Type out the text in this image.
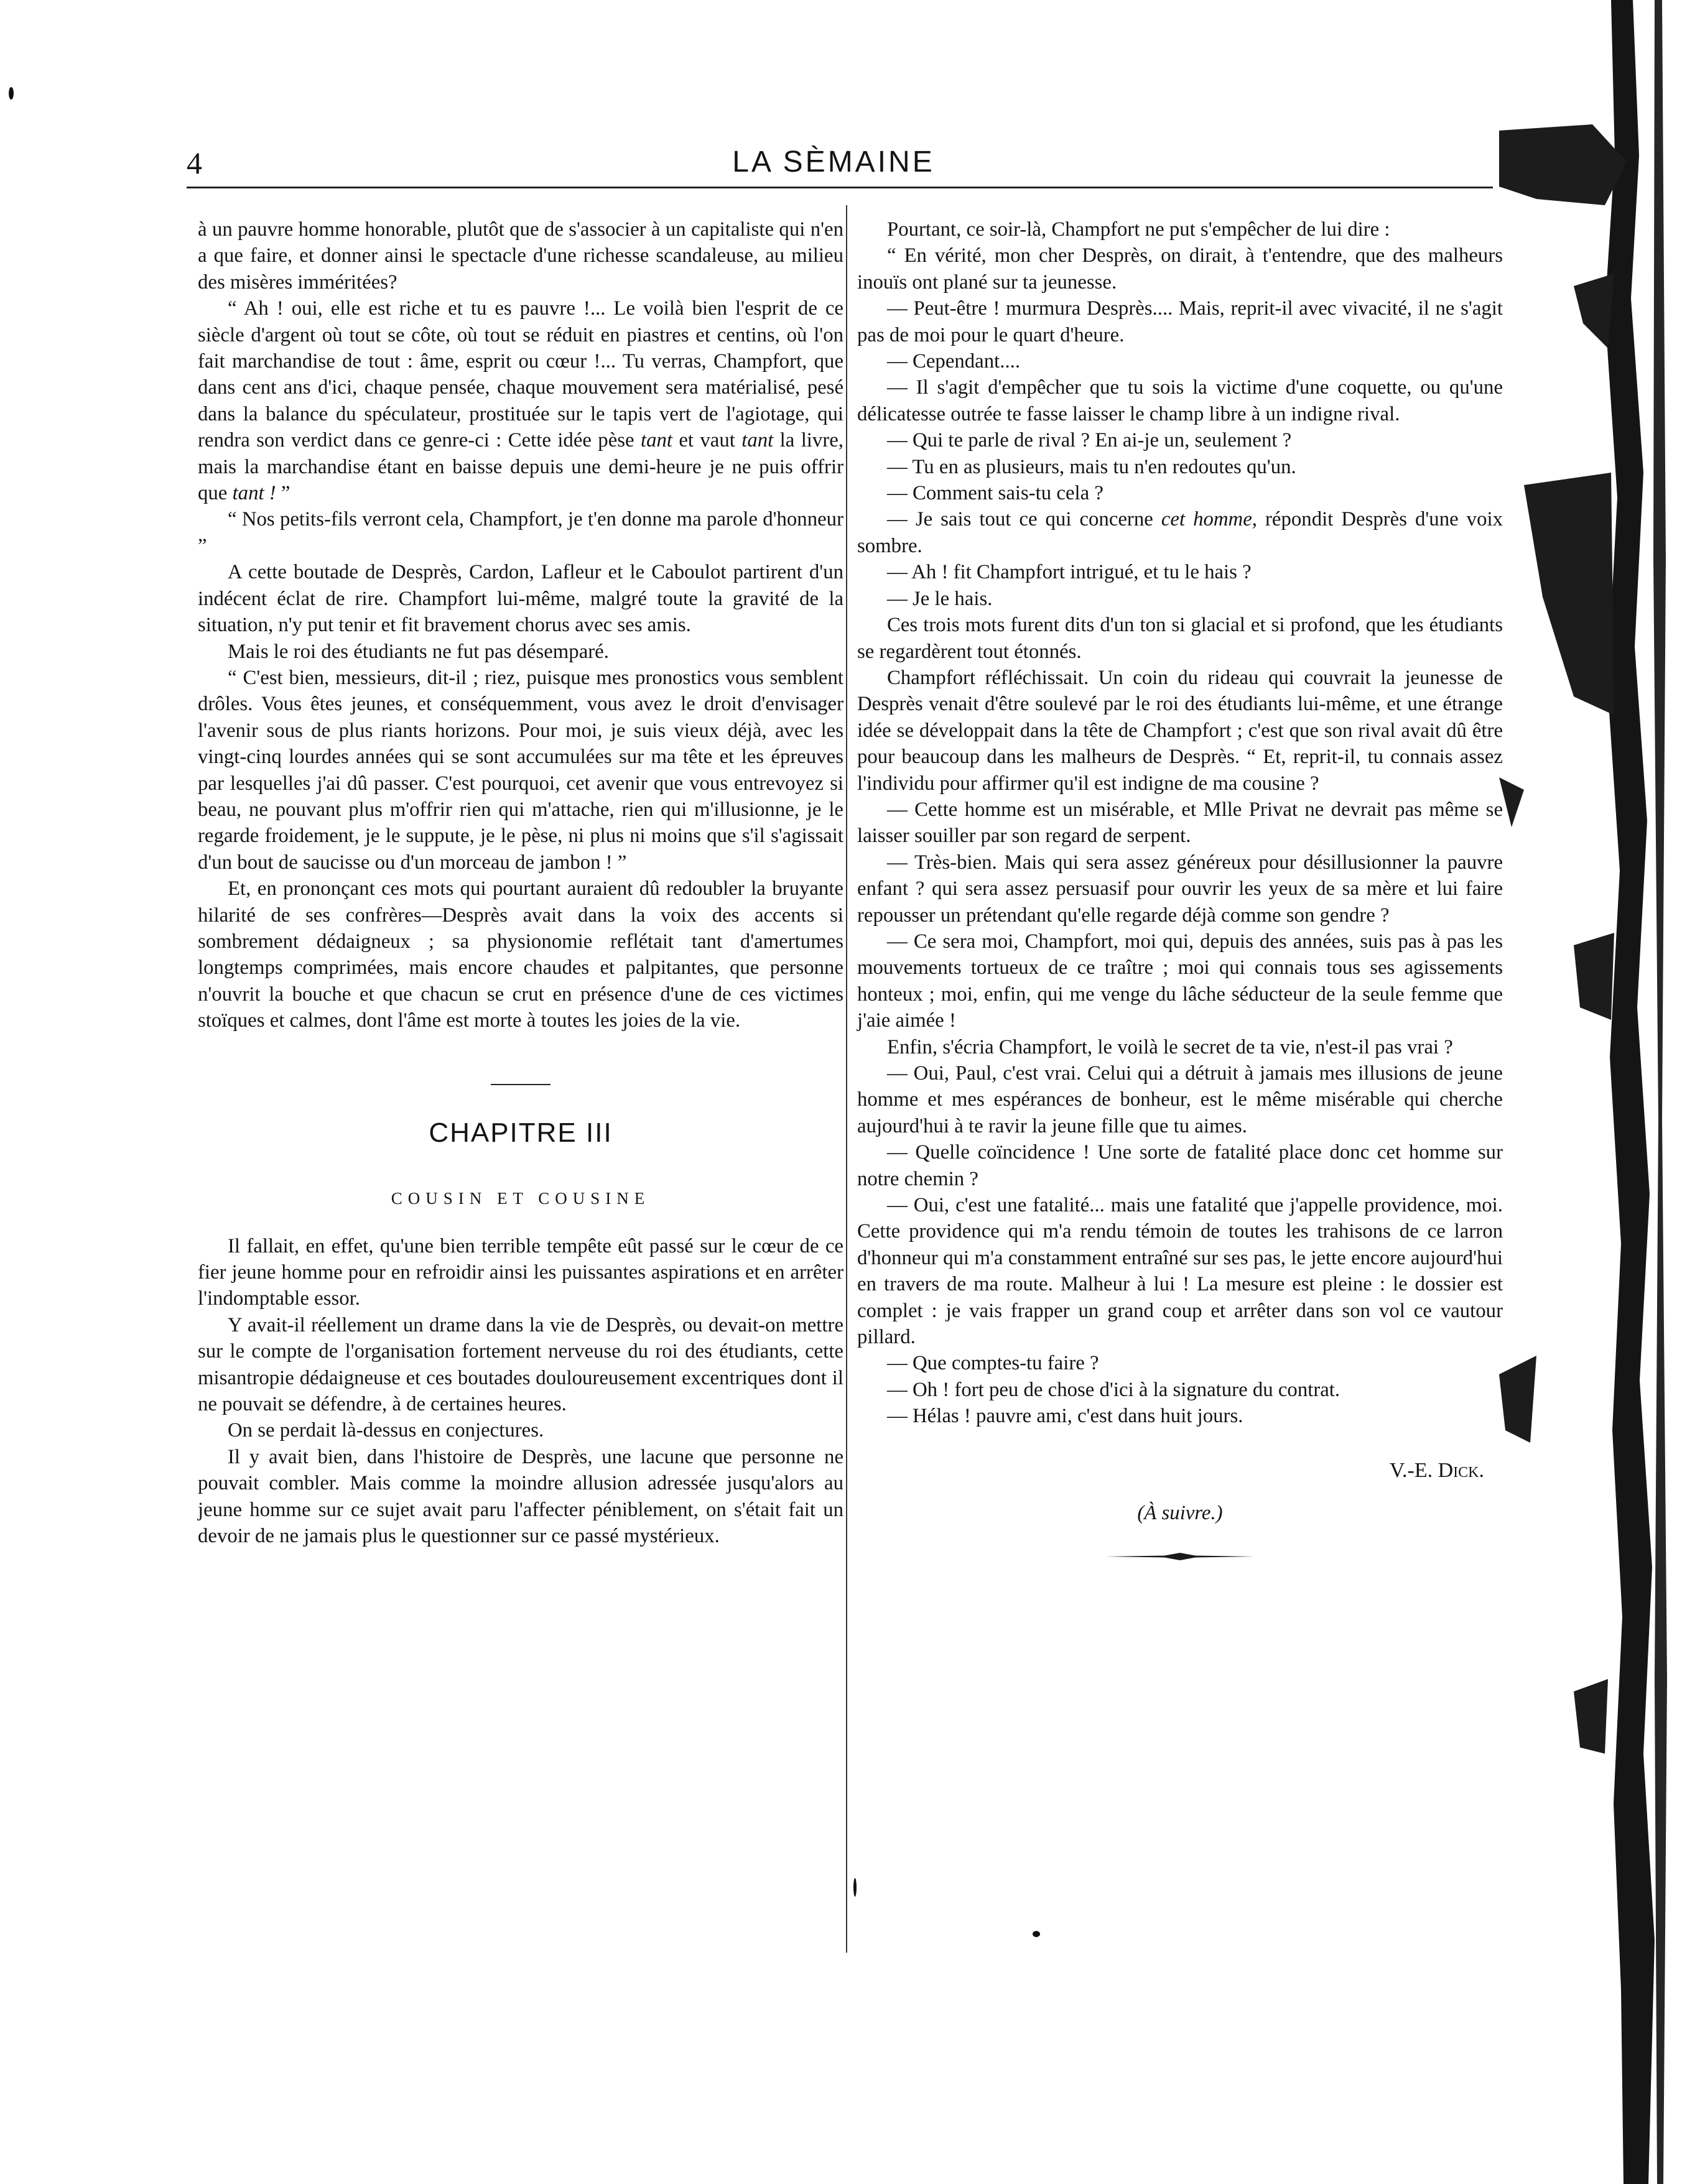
4	LA SÈMAINE

à un pauvre homme honorable, plutôt que de s'associer à un capitaliste qui n'en a que faire, et donner ainsi le spectacle d'une richesse scandaleuse, au milieu des misères imméritées?

“ Ah ! oui, elle est riche et tu es pauvre !... Le voilà bien l'esprit de ce siècle d'argent où tout se côte, où tout se réduit en piastres et centins, où l'on fait marchandise de tout : âme, esprit ou cœur !... Tu verras, Champfort, que dans cent ans d'ici, chaque pensée, chaque mouvement sera matérialisé, pesé dans la balance du spéculateur, prostituée sur le tapis vert de l'agiotage, qui rendra son verdict dans ce genre-ci : Cette idée pèse tant et vaut tant la livre, mais la marchandise étant en baisse depuis une demi-heure je ne puis offrir que tant ! ”

“ Nos petits-fils verront cela, Champfort, je t'en donne ma parole d'honneur ”

A cette boutade de Desprès, Cardon, Lafleur et le Caboulot partirent d'un indécent éclat de rire. Champfort lui-même, malgré toute la gravité de la situation, n'y put tenir et fit bravement chorus avec ses amis.

Mais le roi des étudiants ne fut pas désemparé.

“ C'est bien, messieurs, dit-il ; riez, puisque mes pronostics vous semblent drôles. Vous êtes jeunes, et conséquemment, vous avez le droit d'envisager l'avenir sous de plus riants horizons. Pour moi, je suis vieux déjà, avec les vingt-cinq lourdes années qui se sont accumulées sur ma tête et les épreuves par lesquelles j'ai dû passer. C'est pourquoi, cet avenir que vous entrevoyez si beau, ne pouvant plus m'offrir rien qui m'attache, rien qui m'illusionne, je le regarde froidement, je le suppute, je le pèse, ni plus ni moins que s'il s'agissait d'un bout de saucisse ou d'un morceau de jambon ! ”

Et, en prononçant ces mots qui pourtant auraient dû redoubler la bruyante hilarité de ses confrères—Desprès avait dans la voix des accents si sombrement dédaigneux ; sa physionomie reflétait tant d'amertumes longtemps comprimées, mais encore chaudes et palpitantes, que personne n'ouvrit la bouche et que chacun se crut en présence d'une de ces victimes stoïques et calmes, dont l'âme est morte à toutes les joies de la vie.

CHAPITRE III
COUSIN ET COUSINE

Il fallait, en effet, qu'une bien terrible tempête eût passé sur le cœur de ce fier jeune homme pour en refroidir ainsi les puissantes aspirations et en arrêter l'indomptable essor.

Y avait-il réellement un drame dans la vie de Desprès, ou devait-on mettre sur le compte de l'organisation fortement nerveuse du roi des étudiants, cette misantropie dédaigneuse et ces boutades douloureusement excentriques dont il ne pouvait se défendre, à de certaines heures.

On se perdait là-dessus en conjectures.

Il y avait bien, dans l'histoire de Desprès, une lacune que personne ne pouvait combler. Mais comme la moindre allusion adressée jusqu'alors au jeune homme sur ce sujet avait paru l'affecter péniblement, on s'était fait un devoir de ne jamais plus le questionner sur ce passé mystérieux.

Pourtant, ce soir-là, Champfort ne put s'empêcher de lui dire :

“ En vérité, mon cher Desprès, on dirait, à t'entendre, que des malheurs inouïs ont plané sur ta jeunesse.

— Peut-être ! murmura Desprès.... Mais, reprit-il avec vivacité, il ne s'agit pas de moi pour le quart d'heure.

— Cependant....

— Il s'agit d'empêcher que tu sois la victime d'une coquette, ou qu'une délicatesse outrée te fasse laisser le champ libre à un indigne rival.

— Qui te parle de rival ? En ai-je un, seulement ?

— Tu en as plusieurs, mais tu n'en redoutes qu'un.

— Comment sais-tu cela ?

— Je sais tout ce qui concerne cet homme, répondit Desprès d'une voix sombre.

— Ah ! fit Champfort intrigué, et tu le hais ?

— Je le hais.

Ces trois mots furent dits d'un ton si glacial et si profond, que les étudiants se regardèrent tout étonnés.

Champfort réfléchissait. Un coin du rideau qui couvrait la jeunesse de Desprès venait d'être soulevé par le roi des étudiants lui-même, et une étrange idée se développait dans la tête de Champfort ; c'est que son rival avait dû être pour beaucoup dans les malheurs de Desprès. “ Et, reprit-il, tu connais assez l'individu pour affirmer qu'il est indigne de ma cousine ?

— Cette homme est un misérable, et Mlle Privat ne devrait pas même se laisser souiller par son regard de serpent.

— Très-bien. Mais qui sera assez généreux pour désillusionner la pauvre enfant ? qui sera assez persuasif pour ouvrir les yeux de sa mère et lui faire repousser un prétendant qu'elle regarde déjà comme son gendre ?

— Ce sera moi, Champfort, moi qui, depuis des années, suis pas à pas les mouvements tortueux de ce traître ; moi qui connais tous ses agissements honteux ; moi, enfin, qui me venge du lâche séducteur de la seule femme que j'aie aimée !

Enfin, s'écria Champfort, le voilà le secret de ta vie, n'est-il pas vrai ?

— Oui, Paul, c'est vrai. Celui qui a détruit à jamais mes illusions de jeune homme et mes espérances de bonheur, est le même misérable qui cherche aujourd'hui à te ravir la jeune fille que tu aimes.

— Quelle coïncidence ! Une sorte de fatalité place donc cet homme sur notre chemin ?

— Oui, c'est une fatalité... mais une fatalité que j'appelle providence, moi. Cette providence qui m'a rendu témoin de toutes les trahisons de ce larron d'honneur qui m'a constamment entraîné sur ses pas, le jette encore aujourd'hui en travers de ma route. Malheur à lui ! La mesure est pleine : le dossier est complet : je vais frapper un grand coup et arrêter dans son vol ce vautour pillard.

— Que comptes-tu faire ?

— Oh ! fort peu de chose d'ici à la signature du contrat.

— Hélas ! pauvre ami, c'est dans huit jours.

V.-E. Dick.
(À suivre.)
